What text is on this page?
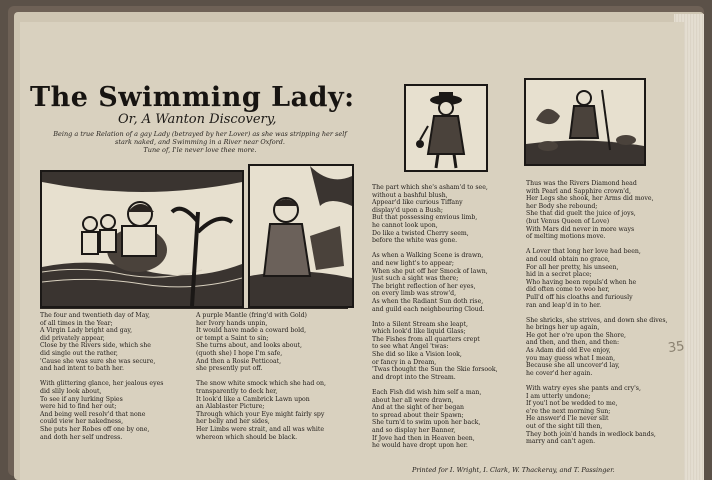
The Swimming Lady:
Or, A Wanton Discovery,
Being a true Relation of a gay Lady (betrayed by her Lover) as she was stripping her self stark naked, and Swimming in a River near Oxford.
Tune of, I'le never love thee more.
The four and twentieth day of May,
of all times in the Year;
A Virgin Lady bright and gay,
did privately appear,
Close by the Rivers side, which she
did single out the rather,
'Cause she was sure she was secure,
and had intent to bath her.

With glittering glance, her jealous eyes
did slily look about,
To see if any lurking Spies
were hid to find her out;
And being well resolv'd that none
could view her nakedness,
She puts her Robes off one by one,
and doth her self undress.
A purple Mantle (fring'd with Gold)
her Ivory hands unpin,
It would have made a coward bold,
or tempt a Saint to sin;
She turns about, and looks about,
(quoth she) I hope I'm safe,
And then a Rosie Petticoat,
she presently put off.

The snow white smock which she had on,
transparently to deck her,
It look'd like a Cambrick Lawn upon
an Alablaster Picture;
Through which your Eye might fairly spy
her belly and her sides,
Her Limbs were strait, and all was white
whereon which should be black.
The part which she's asham'd to see,
without a bashful blush,
Appear'd like curious Tiffany
display'd upon a Bush;
But that possessing envious limb,
he cannot look upon,
Do like a twisted Cherry seem,
before the white was gone.

As when a Walking Scene is drawn,
and new light's to appear;
When she put off her Smock of lawn,
just such a sight was there;
The bright reflection of her eyes,
on every limb was strow'd,
As when the Radiant Sun doth rise,
and guild each neighbouring Cloud.

Into a Silent Stream she leapt,
which look'd like liquid Glass;
The Fishes from all quarters crept
to see what Angel 'twas:
She did so like a Vision look,
or fancy in a Dream,
'Twas thought the Sun the Skie forsook,
and dropt into the Stream.

Each Fish did wish him self a man,
about her all were drawn,
And at the sight of her began
to spread about their Spawn;
She turn'd to swim upon her back,
and so display her Banner,
If Jove had then in Heaven been,
he would have dropt upon her.
Thus was the Rivers Diamond head
with Pearl and Sapphire crown'd,
Her Legs she shook, her Arms did move,
her Body she rebound;
She that did guelt the juice of joys,
(but Venus Queen of Love)
With Mars did never in more ways
of melting motions move.

A Lover that long her love had been,
and could obtain no grace,
For all her pretty, his unseen,
hid in a secret place;
Who having been repuls'd when he
did often come to woo her,
Pull'd off his cloaths and furiously
ran and leap'd in to her.

She shricks, she strives, and down she dives,
he brings her up again,
He got her o're upon the Shore,
and then, and then, and then:
As Adam did old Eve enjoy,
you may guess what I mean,
Because she all uncover'd lay,
he cover'd her again.

With watry eyes she pants and cry's,
I am utterly undone;
If you'l not be wedded to me,
e're the next morning Sun;
He answer'd I'le never slit
out of the sight till then,
They both join'd hands in wedlock bands,
marry and can't agen.
Printed for I. Wright, I. Clark, W. Thackeray, and T. Passinger.
35
